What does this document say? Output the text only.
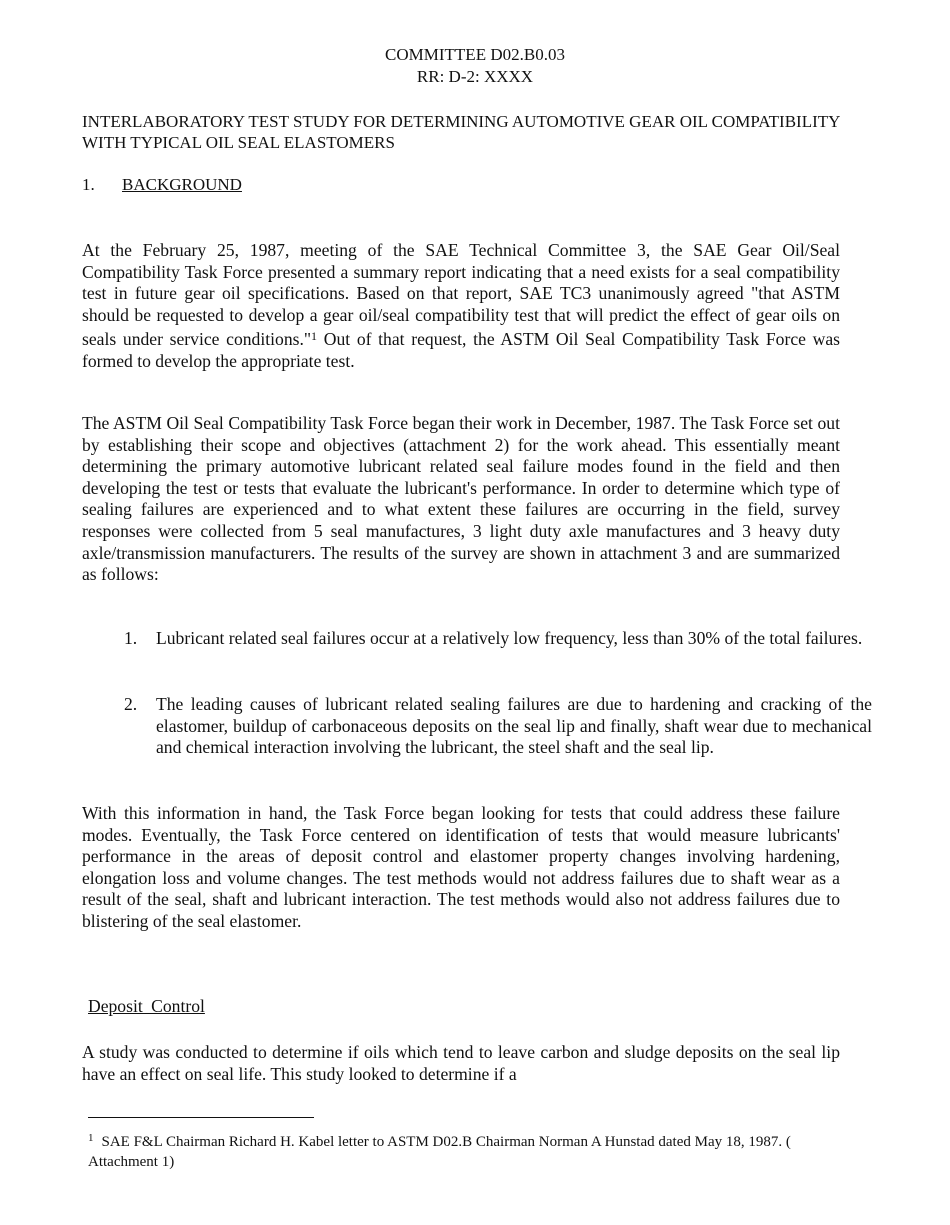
COMMITTEE D02.B0.03
RR: D-2: XXXX
INTERLABORATORY TEST STUDY FOR DETERMINING AUTOMOTIVE GEAR OIL COMPATIBILITY WITH TYPICAL OIL SEAL ELASTOMERS
1. BACKGROUND
At the February 25, 1987, meeting of the SAE Technical Committee 3, the SAE Gear Oil/Seal Compatibility Task Force presented a summary report indicating that a need exists for a seal compatibility test in future gear oil specifications. Based on that report, SAE TC3 unanimously agreed "that ASTM should be requested to develop a gear oil/seal compatibility test that will predict the effect of gear oils on seals under service conditions."$^1$ Out of that request, the ASTM Oil Seal Compatibility Task Force was formed to develop the appropriate test.
The ASTM Oil Seal Compatibility Task Force began their work in December, 1987. The Task Force set out by establishing their scope and objectives (attachment 2) for the work ahead. This essentially meant determining the primary automotive lubricant related seal failure modes found in the field and then developing the test or tests that evaluate the lubricant's performance. In order to determine which type of sealing failures are experienced and to what extent these failures are occurring in the field, survey responses were collected from 5 seal manufactures, 3 light duty axle manufactures and 3 heavy duty axle/transmission manufacturers. The results of the survey are shown in attachment 3 and are summarized as follows:
1. Lubricant related seal failures occur at a relatively low frequency, less than 30% of the total failures.
2. The leading causes of lubricant related sealing failures are due to hardening and cracking of the elastomer, buildup of carbonaceous deposits on the seal lip and finally, shaft wear due to mechanical and chemical interaction involving the lubricant, the steel shaft and the seal lip.
With this information in hand, the Task Force began looking for tests that could address these failure modes. Eventually, the Task Force centered on identification of tests that would measure lubricants' performance in the areas of deposit control and elastomer property changes involving hardening, elongation loss and volume changes. The test methods would not address failures due to shaft wear as a result of the seal, shaft and lubricant interaction. The test methods would also not address failures due to blistering of the seal elastomer.
Deposit Control
A study was conducted to determine if oils which tend to leave carbon and sludge deposits on the seal lip have an effect on seal life. This study looked to determine if a
$^1$ SAE F&L Chairman Richard H. Kabel letter to ASTM D02.B Chairman Norman A Hunstad dated May 18, 1987. ( Attachment 1)
